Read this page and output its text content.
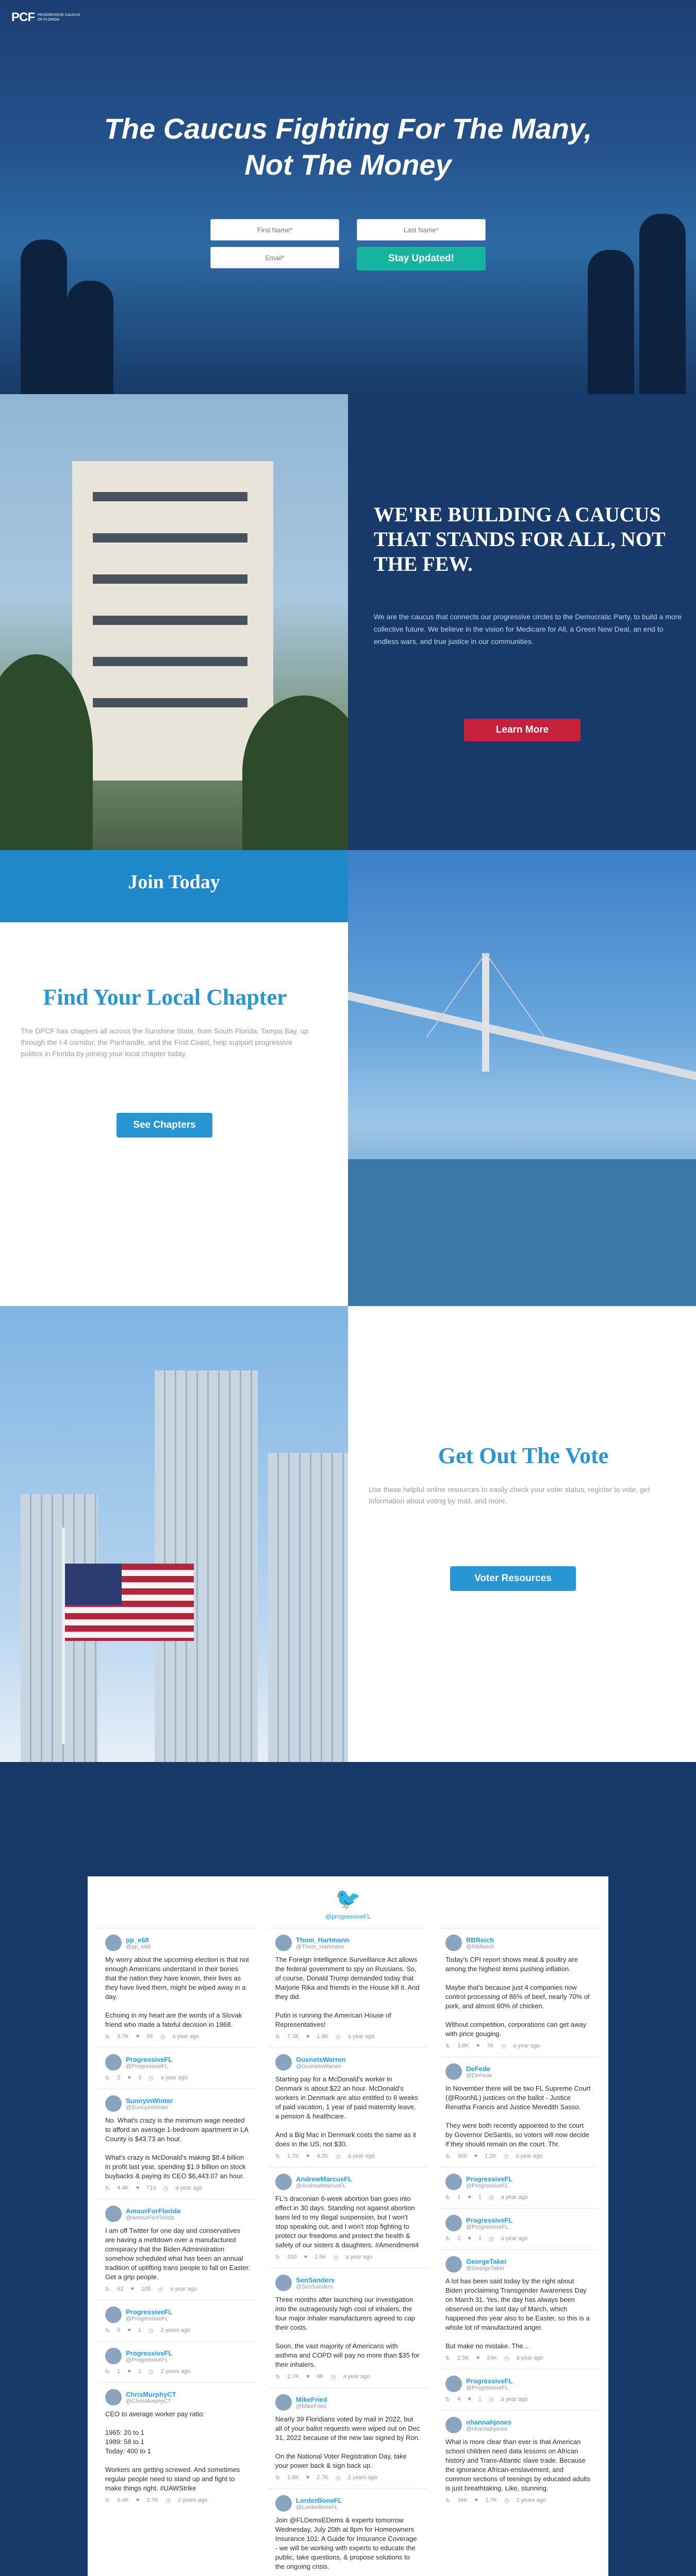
PCF PROGRESSIVE CAUCUS OF FLORIDA
The Caucus Fighting For The Many,
Not The Money
First Name*
Last Name*
Email*
Stay Updated!
WE'RE BUILDING A CAUCUS THAT STANDS FOR ALL, NOT THE FEW.

We are the caucus that connects our progressive circles to the Democratic Party, to build a more collective future. We believe in the vision for Medicare for All, a Green New Deal, an end to endless wars, and true justice in our communities.

Learn More
Join Today
Find Your Local Chapter

The DPCF has chapters all across the Sunshine State, from South Florida, Tampa Bay, up through the I-4 corridor, the Panhandle, and the First Coast, help support progressive politics in Florida by joining your local chapter today.

See Chapters
Get Out The Vote

Use these helpful online resources to easily check your voter status, register to vote, get information about voting by mail, and more.

Voter Resources
🐦
@progressiveFL
pp_e68
@pp_e68
My worry about the upcoming election is that not enough Americans understand in their bones that the nation they have known, their lives as they have lived them, might be wiped away in a day.

Echoing in my heart are the words of a Slovak friend who made a fateful decision in 1968.
↻ 3.7K ♥ 94 ◷ a year ago
ProgressiveFL
@ProgressiveFL
↻ 2 ♥ 3 ◷ a year ago
SunnyinWinter
@SunnyinWinter
No. What's crazy is the minimum wage needed to afford an average 1-bedroom apartment in LA County is $43.73 an hour.

What's crazy is McDonald's making $8.4 billion in profit last year, spending $1.9 billion on stock buybacks & paying its CEO $6,443.07 an hour.
↻ 4.4K ♥ 719 ◷ a year ago
AmourForFlorida
@AmourForFlorida
I am off Twitter for one day and conservatives are having a meltdown over a manufactured conspiracy that the Biden Administration somehow scheduled what has been an annual tradition of uplifting trans people to fall on Easter. Get a grip people.
↻ 62 ♥ 105 ◷ a year ago
ProgressiveFL
@ProgressiveFL
↻ 5 ♥ 1 ◷ 2 years ago
ProgressiveFL
@ProgressiveFL
↻ 1 ♥ 1 ◷ 2 years ago
ChrisMurphyCT
@ChrisMurphyCT
CEO to average worker pay ratio:

1965: 20 to 1
1989: 58 to 1
Today: 400 to 1

Workers are getting screwed. And sometimes regular people need to stand up and fight to make things right. #UAWStrike
↻ 6.4K ♥ 2.7K ◷ 2 years ago
Thom_Hartmann
@Thom_Hartmann
The Foreign Intelligence Surveillance Act allows the federal government to spy on Russians. So, of course, Donald Trump demanded today that Marjorie Rika and friends in the House kill it. And they did.

Putin is running the American House of Representatives!
↻ 7.3K ♥ 1.9K ◷ a year ago
GusnetsWarren
@GusnetsWarren
Starting pay for a McDonald's worker in Denmark is about $22 an hour. McDonald's workers in Denmark are also entitled to 6 weeks of paid vacation, 1 year of paid maternity leave, a pension & healthcare.

And a Big Mac in Denmark costs the same as it does in the US, not $30.
↻ 1.7K ♥ 4.2K ◷ a year ago
AndrewMarcusFL
@AndrewMarcusFL
FL's draconian 6-week abortion ban goes into effect in 30 days. Standing not against abortion bans led to my illegal suspension, but I won't stop speaking out, and I won't stop fighting to protect our freedoms and protect the health & safety of our sisters & daughters. #Amendment4
↻ 330 ♥ 1.5K ◷ a year ago
SenSanders
@SenSanders
Three months after launching our investigation into the outrageously high cost of inhalers, the four major inhaler manufacturers agreed to cap their costs.

Soon, the vast majority of Americans with asthma and COPD will pay no more than $35 for their inhalers.
↻ 2.7K ♥ 8K ◷ a year ago
MikeFried
@MikeFried
Nearly 39 Floridians voted by mail in 2022, but all of your ballot requests were wiped out on Dec 31, 2022 because of the new law signed by Ron.

On the National Voter Registration Day, take your power back & sign back up.
↻ 1.6K ♥ 2.7K ◷ 2 years ago
LorderBoneFL
@LorderBoneFL
Join @FLDemsEDems & experts tomorrow Wednesday, July 20th at 8pm for Homeowners Insurance 101: A Guide for Insurance Coverage - we will be working with experts to educate the public, take questions, & propose solutions to the ongoing crisis.

RBReich
@RBReich
Today's CPI report shows meat & poultry are among the highest items pushing inflation.

Maybe that's because just 4 companies now control processing of 86% of beef, nearly 70% of pork, and almost 60% of chicken.

Without competition, corporations can get away with price gouging.
↻ 3.8K ♥ 7K ◷ a year ago
DeFede
@DeFede
In November there will be two FL Supreme Court (@RoonNL) justices on the ballot - Justice Renatha Francis and Justice Meredith Sasso.

They were both recently appointed to the court by Governor DeSantis, so voters will now decide if they should remain on the court. Thr.
↻ 360 ♥ 1.2K ◷ a year ago
ProgressiveFL
@ProgressiveFL
↻ 1 ♥ 1 ◷ a year ago
ProgressiveFL
@ProgressiveFL
↻ 2 ♥ 1 ◷ a year ago
GeorgeTakei
@GeorgeTakei
A lot has been said today by the right about Biden proclaiming Transgender Awareness Day on March 31. Yes, the day has always been observed on the last day of March, which happened this year also to be Easter, so this is a whole lot of manufactured anger.

But make no mistake. The...
↻ 2.5K ♥ 24K ◷ a year ago
ProgressiveFL
@ProgressiveFL
↻ 4 ♥ 1 ◷ a year ago
nhannahjones
@nhannahjones
What is more clear than ever is that American school children need data lessons on African history and Trans-Atlantic slave trade. Because the ignorance African-enslavement, and common sections of teenings by educated adults is just breathtaking. Like, stunning.
↻ 34K ♥ 1.7K ◷ 2 years ago
